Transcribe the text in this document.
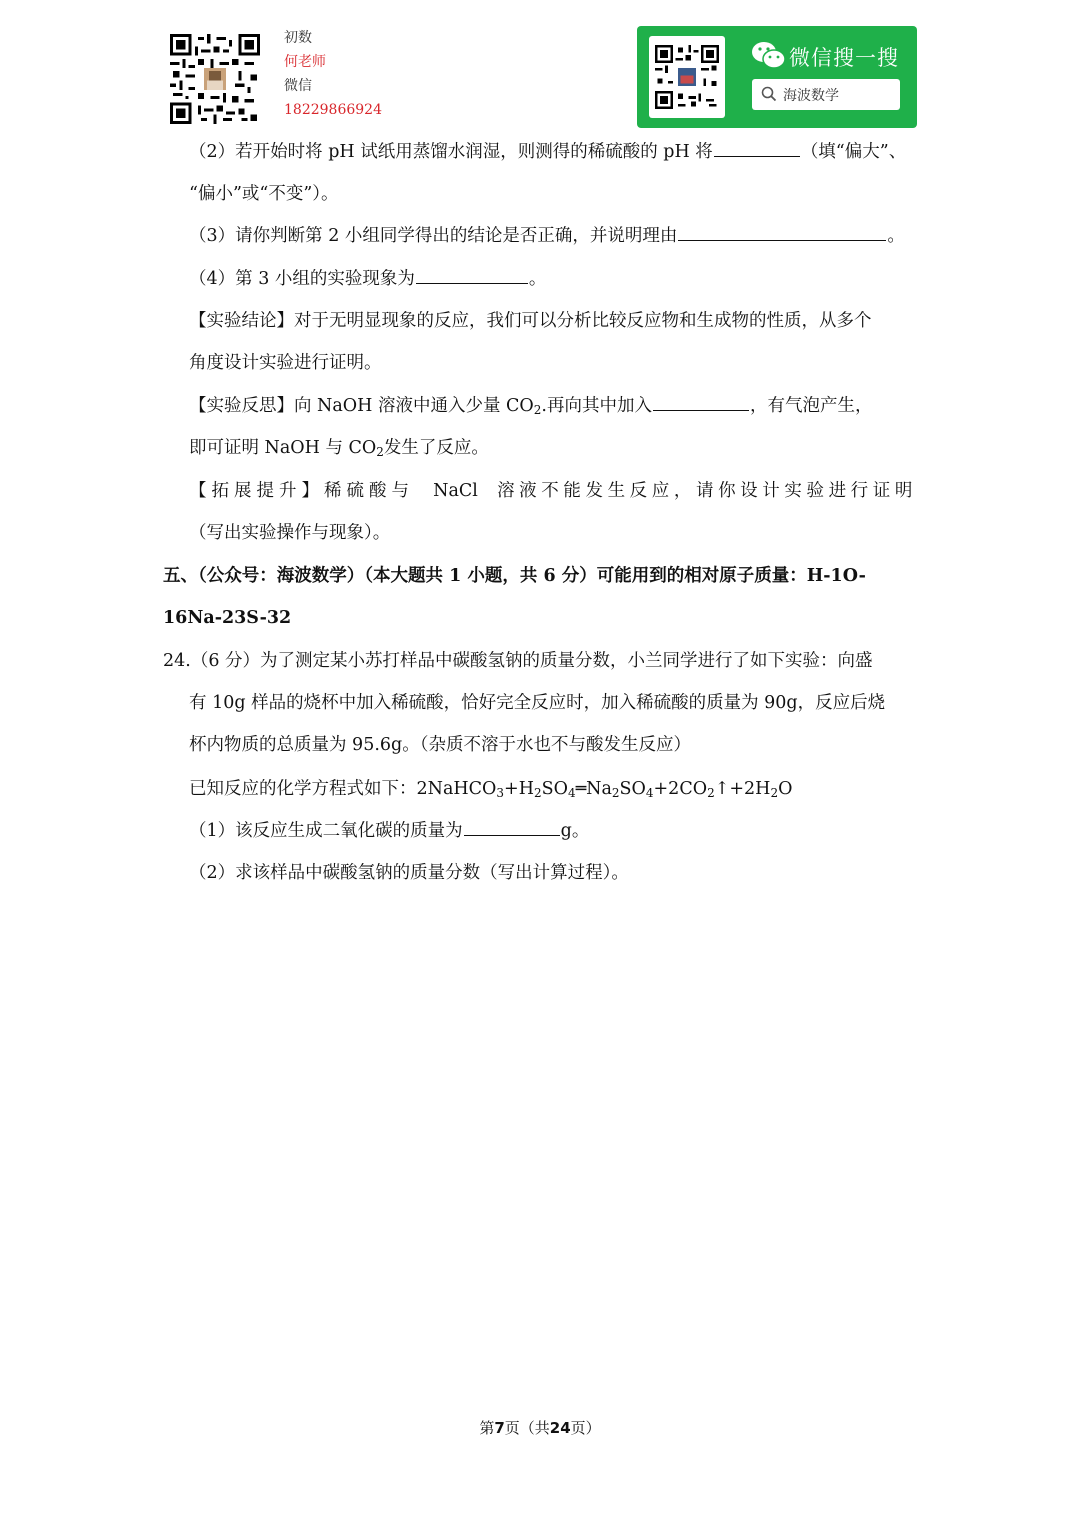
初数
何老师
微信
18229866924
微信搜一搜
海波数学
（2）若开始时将 pH 试纸用蒸馏水润湿，则测得的稀硫酸的 pH 将	（填“偏大”、
“偏小”或“不变”）。
（3）请你判断第 2 小组同学得出的结论是否正确，并说明理由	。
（4）第 3 小组的实验现象为	。
【实验结论】对于无明显现象的反应，我们可以分析比较反应物和生成物的性质，从多个
角度设计实验进行证明。
【实验反思】向 NaOH 溶液中通入少量 $CO_2$.再向其中加入	，有气泡产生，
即可证明 NaOH 与 $CO_2$发生了反应。
【拓展提升】稀硫酸与 NaCl 溶液不能发生反应，请你设计实验进行证明
（写出实验操作与现象）。
五、（公众号：海波数学）（本大题共 1 小题，共 6 分）可能用到的相对原子质量：H-1O-
16Na-23S-32
24.（6 分）为了测定某小苏打样品中碳酸氢钠的质量分数，小兰同学进行了如下实验：向盛
有 10g 样品的烧杯中加入稀硫酸，恰好完全反应时，加入稀硫酸的质量为 90g，反应后烧
杯内物质的总质量为 95.6g。（杂质不溶于水也不与酸发生反应）
已知反应的化学方程式如下：$2NaHCO_3+H_2SO_4═Na_2SO_4+2CO_2↑+2H_2O$
（1）该反应生成二氧化碳的质量为	g。
（2）求该样品中碳酸氢钠的质量分数（写出计算过程）。
第7页（共24页）
